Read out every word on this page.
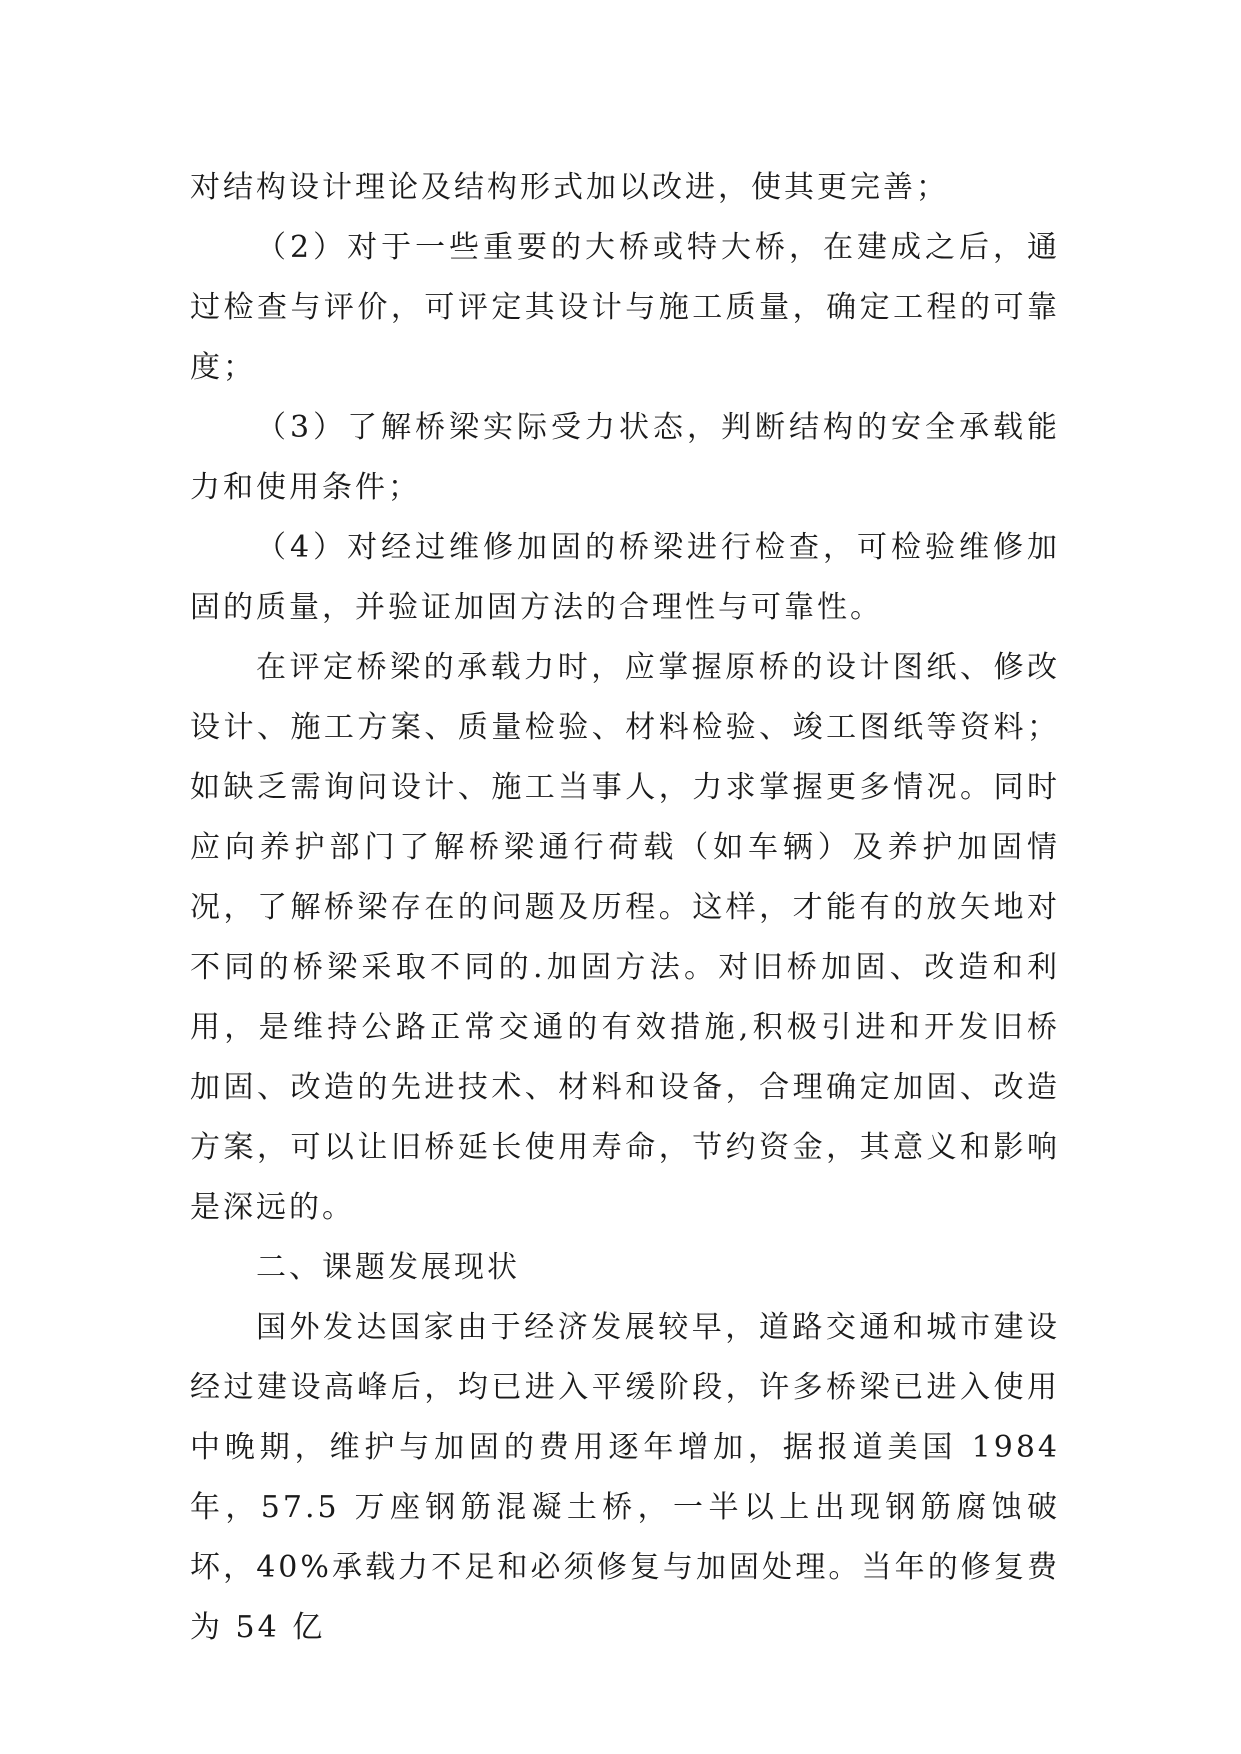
对结构设计理论及结构形式加以改进，使其更完善；

（2）对于一些重要的大桥或特大桥，在建成之后，通过检查与评价，可评定其设计与施工质量，确定工程的可靠度；

（3）了解桥梁实际受力状态，判断结构的安全承载能力和使用条件；

（4）对经过维修加固的桥梁进行检查，可检验维修加固的质量，并验证加固方法的合理性与可靠性。

在评定桥梁的承载力时，应掌握原桥的设计图纸、修改设计、施工方案、质量检验、材料检验、竣工图纸等资料；如缺乏需询问设计、施工当事人，力求掌握更多情况。同时应向养护部门了解桥梁通行荷载（如车辆）及养护加固情况，了解桥梁存在的问题及历程。这样，才能有的放矢地对不同的桥梁采取不同的.加固方法。对旧桥加固、改造和利用，是维持公路正常交通的有效措施,积极引进和开发旧桥加固、改造的先进技术、材料和设备，合理确定加固、改造方案，可以让旧桥延长使用寿命，节约资金，其意义和影响是深远的。

二、课题发展现状

国外发达国家由于经济发展较早，道路交通和城市建设经过建设高峰后，均已进入平缓阶段，许多桥梁已进入使用中晚期，维护与加固的费用逐年增加，据报道美国 1984 年，57.5 万座钢筋混凝土桥，一半以上出现钢筋腐蚀破坏，40%承载力不足和必须修复与加固处理。当年的修复费为 54 亿
